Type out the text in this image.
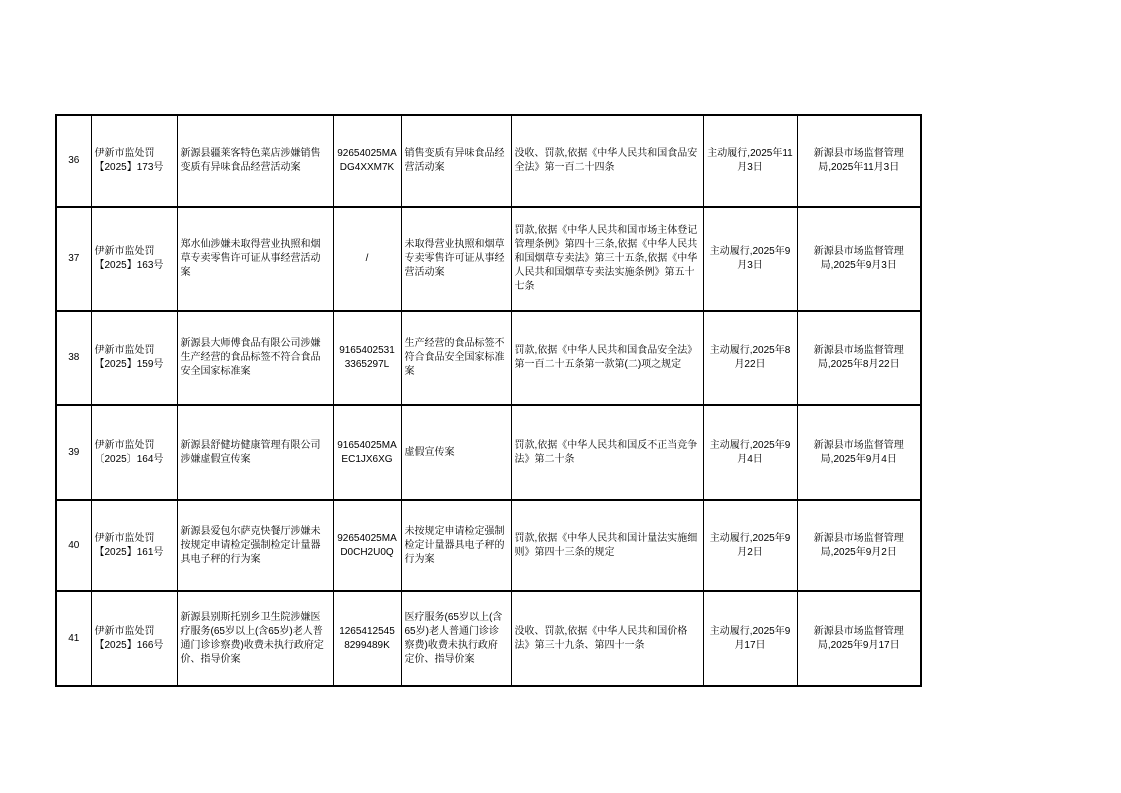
36	伊新市监处罚【2025】173号	新源县疆莱客特色菜店涉嫌销售变质有异味食品经营活动案	92654025MADG4XXM7K	销售变质有异味食品经营活动案	没收、罚款,依据《中华人民共和国食品安全法》第一百二十四条	主动履行,2025年11月3日	新源县市场监督管理局,2025年11月3日
37	伊新市监处罚【2025】163号	郑水仙涉嫌未取得营业执照和烟草专卖零售许可证从事经营活动案	/	未取得营业执照和烟草专卖零售许可证从事经营活动案	罚款,依据《中华人民共和国市场主体登记管理条例》第四十三条,依据《中华人民共和国烟草专卖法》第三十五条,依据《中华人民共和国烟草专卖法实施条例》第五十七条	主动履行,2025年9月3日	新源县市场监督管理局,2025年9月3日
38	伊新市监处罚【2025】159号	新源县大师傅食品有限公司涉嫌生产经营的食品标签不符合食品安全国家标准案	91654025313365297L	生产经营的食品标签不符合食品安全国家标准案	罚款,依据《中华人民共和国食品安全法》第一百二十五条第一款第(二)项之规定	主动履行,2025年8月22日	新源县市场监督管理局,2025年8月22日
39	伊新市监处罚〔2025〕164号	新源县舒健坊健康管理有限公司涉嫌虚假宣传案	91654025MAEC1JX6XG	虚假宣传案	罚款,依据《中华人民共和国反不正当竞争法》第二十条	主动履行,2025年9月4日	新源县市场监督管理局,2025年9月4日
40	伊新市监处罚【2025】161号	新源县爱包尔萨克快餐厅涉嫌未按规定申请检定强制检定计量器具电子秤的行为案	92654025MAD0CH2U0Q	未按规定申请检定强制检定计量器具电子秤的行为案	罚款,依据《中华人民共和国计量法实施细则》第四十三条的规定	主动履行,2025年9月2日	新源县市场监督管理局,2025年9月2日
41	伊新市监处罚【2025】166号	新源县别斯托别乡卫生院涉嫌医疗服务(65岁以上(含65岁)老人普通门诊诊察费)收费未执行政府定价、指导价案	12654125458299489K	医疗服务(65岁以上(含65岁)老人普通门诊诊察费)收费未执行政府定价、指导价案	没收、罚款,依据《中华人民共和国价格法》第三十九条、第四十一条	主动履行,2025年9月17日	新源县市场监督管理局,2025年9月17日
